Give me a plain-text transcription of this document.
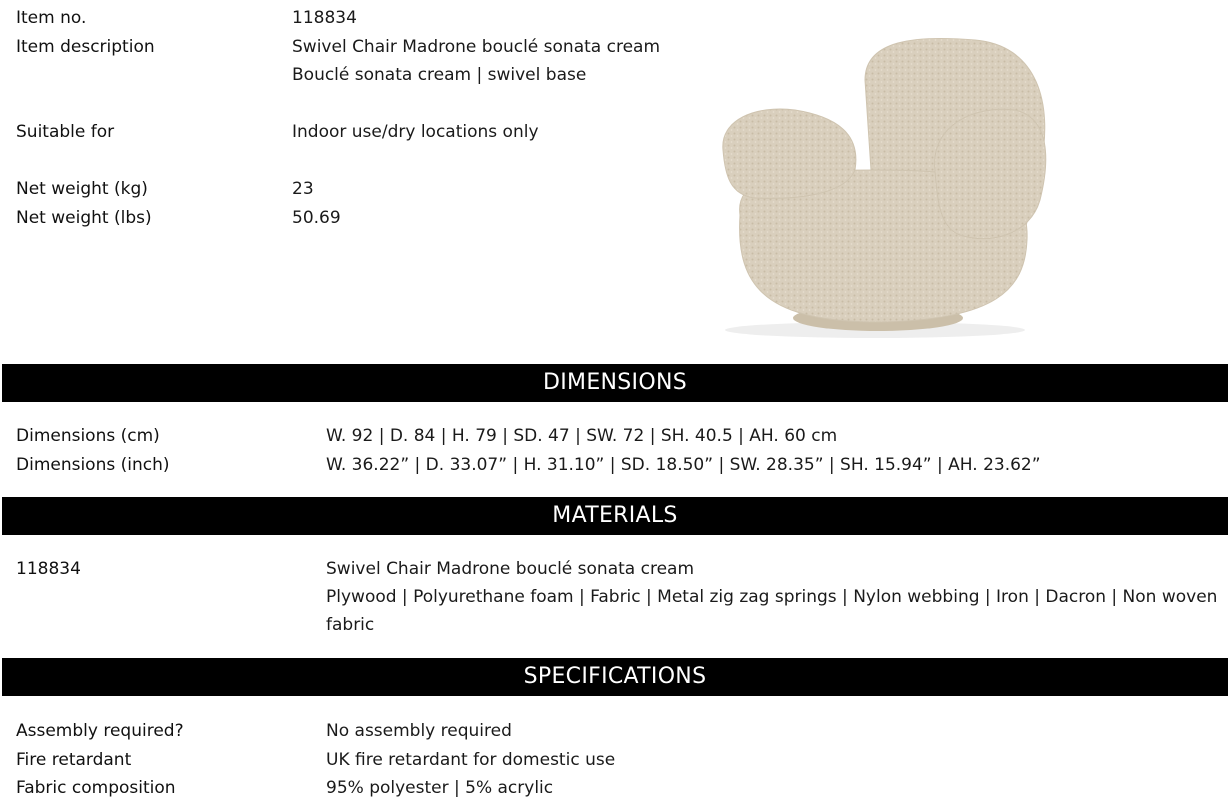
Item no.	118834
Item description	Swivel Chair Madrone bouclé sonata cream
Bouclé sonata cream | swivel base
Suitable for	Indoor use/dry locations only
Net weight (kg)	23
Net weight (lbs)	50.69
DIMENSIONS
Dimensions (cm)	W. 92 | D. 84 | H. 79 | SD. 47 | SW. 72 | SH. 40.5 | AH. 60 cm
Dimensions (inch)	W. 36.22” | D. 33.07” | H. 31.10” | SD. 18.50” | SW. 28.35” | SH. 15.94” | AH. 23.62”
MATERIALS
118834	Swivel Chair Madrone bouclé sonata cream
Plywood | Polyurethane foam | Fabric | Metal zig zag springs | Nylon webbing | Iron | Dacron | Non woven fabric
SPECIFICATIONS
Assembly required?	No assembly required
Fire retardant	UK fire retardant for domestic use
Fabric composition	95% polyester | 5% acrylic
